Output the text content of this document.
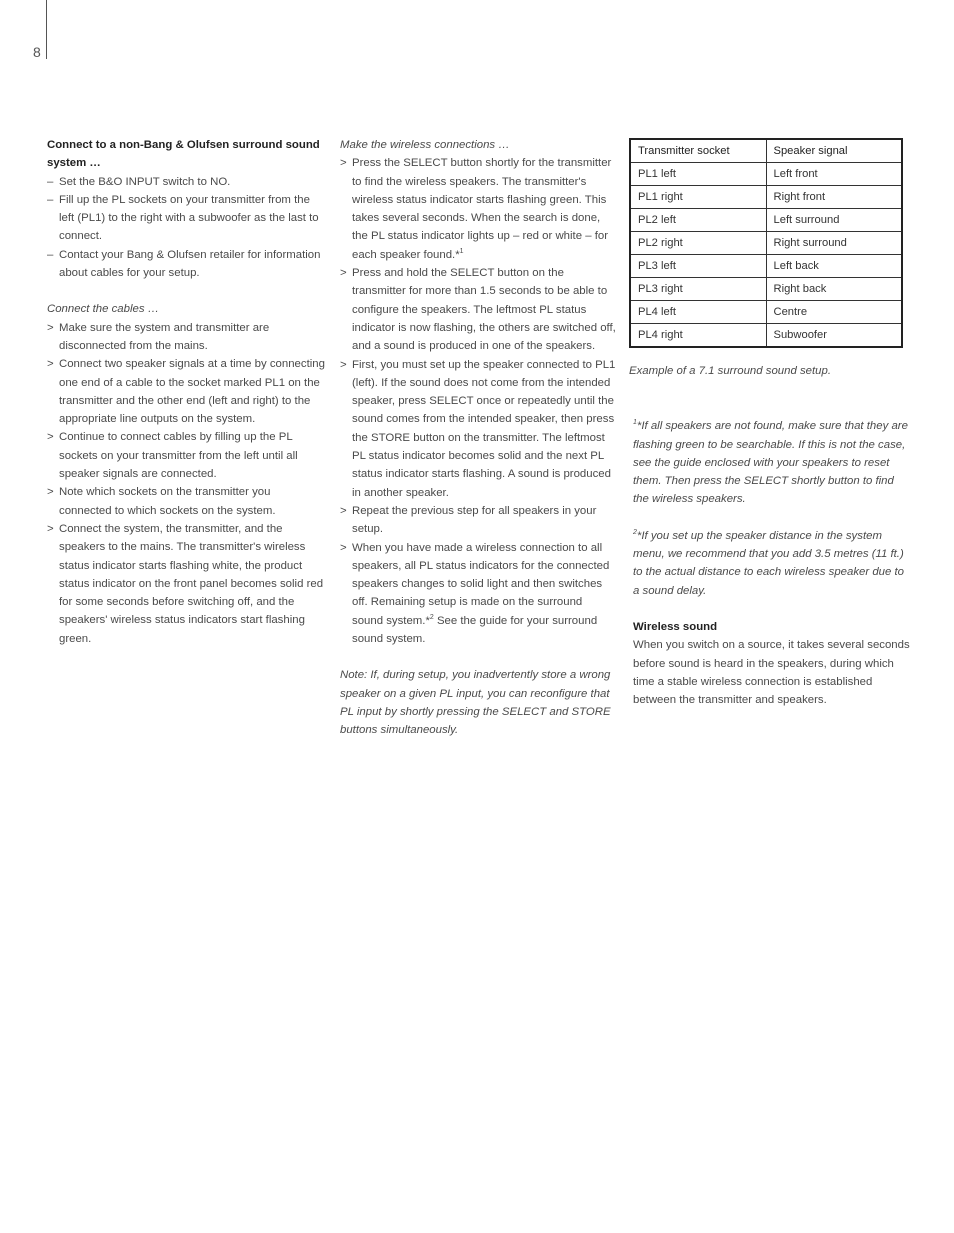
8
Connect to a non-Bang & Olufsen surround sound system …
– Set the B&O INPUT switch to NO.
– Fill up the PL sockets on your transmitter from the left (PL1) to the right with a subwoofer as the last to connect.
– Contact your Bang & Olufsen retailer for information about cables for your setup.
Connect the cables …
> Make sure the system and transmitter are disconnected from the mains.
> Connect two speaker signals at a time by connecting one end of a cable to the socket marked PL1 on the transmitter and the other end (left and right) to the appropriate line outputs on the system.
> Continue to connect cables by filling up the PL sockets on your transmitter from the left until all speaker signals are connected.
> Note which sockets on the transmitter you connected to which sockets on the system.
> Connect the system, the transmitter, and the speakers to the mains. The transmitter's wireless status indicator starts flashing white, the product status indicator on the front panel becomes solid red for some seconds before switching off, and the speakers' wireless status indicators start flashing green.
Make the wireless connections …
> Press the SELECT button shortly for the transmitter to find the wireless speakers. The transmitter's wireless status indicator starts flashing green. This takes several seconds. When the search is done, the PL status indicator lights up – red or white – for each speaker found.*$^1$
> Press and hold the SELECT button on the transmitter for more than 1.5 seconds to be able to configure the speakers. The leftmost PL status indicator is now flashing, the others are switched off, and a sound is produced in one of the speakers.
> First, you must set up the speaker connected to PL1 (left). If the sound does not come from the intended speaker, press SELECT once or repeatedly until the sound comes from the intended speaker, then press the STORE button on the transmitter. The leftmost PL status indicator becomes solid and the next PL status indicator starts flashing. A sound is produced in another speaker.
> Repeat the previous step for all speakers in your setup.
> When you have made a wireless connection to all speakers, all PL status indicators for the connected speakers changes to solid light and then switches off. Remaining setup is made on the surround sound system.*$^2$ See the guide for your surround sound system.
Note: If, during setup, you inadvertently store a wrong speaker on a given PL input, you can reconfigure that PL input by shortly pressing the SELECT and STORE buttons simultaneously.
Transmitter socket	Speaker signal
PL1 left	Left front
PL1 right	Right front
PL2 left	Left surround
PL2 right	Right surround
PL3 left	Left back
PL3 right	Right back
PL4 left	Centre
PL4 right	Subwoofer
Example of a 7.1 surround sound setup.
$^1$*If all speakers are not found, make sure that they are flashing green to be searchable. If this is not the case, see the guide enclosed with your speakers to reset them. Then press the SELECT shortly button to find the wireless speakers.
$^2$*If you set up the speaker distance in the system menu, we recommend that you add 3.5 metres (11 ft.) to the actual distance to each wireless speaker due to a sound delay.
Wireless sound
When you switch on a source, it takes several seconds before sound is heard in the speakers, during which time a stable wireless connection is established between the transmitter and speakers.
